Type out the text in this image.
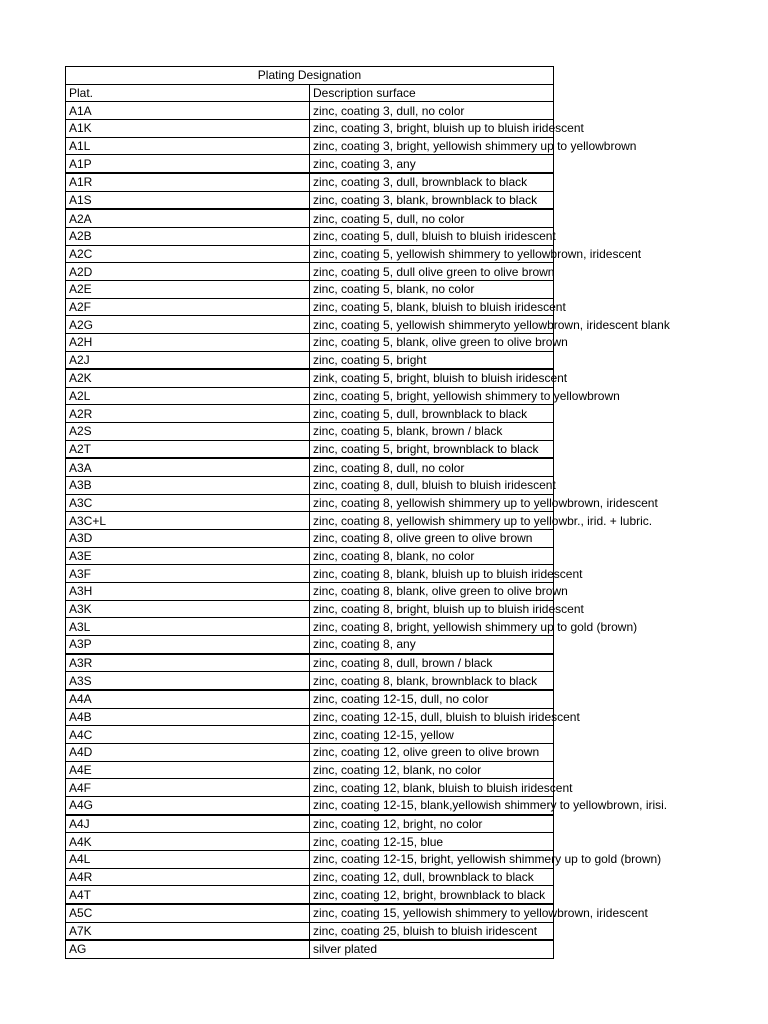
Plating Designation	
Plat.	Description surface
A1A	zinc, coating 3, dull, no color
A1K	zinc, coating 3, bright, bluish up to bluish iridescent
A1L	zinc, coating 3, bright, yellowish shimmery up to yellowbrown
A1P	zinc, coating 3, any
A1R	zinc, coating 3, dull, brownblack to black
A1S	zinc, coating 3, blank, brownblack to black
A2A	zinc, coating 5, dull, no color
A2B	zinc, coating 5, dull, bluish to bluish iridescent
A2C	zinc, coating 5, yellowish shimmery to yellowbrown, iridescent
A2D	zinc, coating 5, dull olive green to olive brown
A2E	zinc, coating 5, blank, no color
A2F	zinc, coating 5, blank, bluish to bluish iridescent
A2G	zinc, coating 5, yellowish shimmeryto yellowbrown, iridescent blank
A2H	zinc, coating 5, blank, olive green to olive brown
A2J	zinc, coating 5, bright
A2K	zink, coating 5, bright, bluish to bluish iridescent
A2L	zinc, coating 5, bright, yellowish shimmery to yellowbrown
A2R	zinc, coating 5, dull, brownblack to black
A2S	zinc, coating 5, blank, brown / black
A2T	zinc, coating 5, bright, brownblack to black
A3A	zinc, coating 8, dull, no color
A3B	zinc, coating 8, dull, bluish to bluish iridescent
A3C	zinc, coating 8, yellowish shimmery up to yellowbrown, iridescent
A3C+L	zinc, coating 8, yellowish shimmery up to yellowbr., irid. + lubric.
A3D	zinc, coating 8, olive green to olive brown
A3E	zinc, coating 8, blank, no color
A3F	zinc, coating 8, blank, bluish up to bluish iridescent
A3H	zinc, coating 8, blank, olive green to olive brown
A3K	zinc, coating 8, bright, bluish up to bluish iridescent
A3L	zinc, coating 8, bright, yellowish shimmery up to gold (brown)
A3P	zinc, coating 8, any
A3R	zinc, coating 8, dull, brown / black
A3S	zinc, coating 8, blank, brownblack to black
A4A	zinc, coating 12-15, dull, no color
A4B	zinc, coating 12-15, dull, bluish to bluish iridescent
A4C	zinc, coating 12-15, yellow
A4D	zinc, coating 12, olive green to olive brown
A4E	zinc, coating 12, blank, no color
A4F	zinc, coating 12, blank, bluish to bluish iridescent
A4G	zinc, coating 12-15, blank,yellowish shimmery to yellowbrown, irisi.
A4J	zinc, coating 12, bright, no color
A4K	zinc, coating 12-15, blue
A4L	zinc, coating 12-15, bright, yellowish shimmery up to gold (brown)
A4R	zinc, coating 12, dull, brownblack to black
A4T	zinc, coating 12, bright, brownblack to black
A5C	zinc, coating 15, yellowish shimmery to yellowbrown, iridescent
A7K	zinc, coating 25, bluish to bluish iridescent
AG	silver plated
